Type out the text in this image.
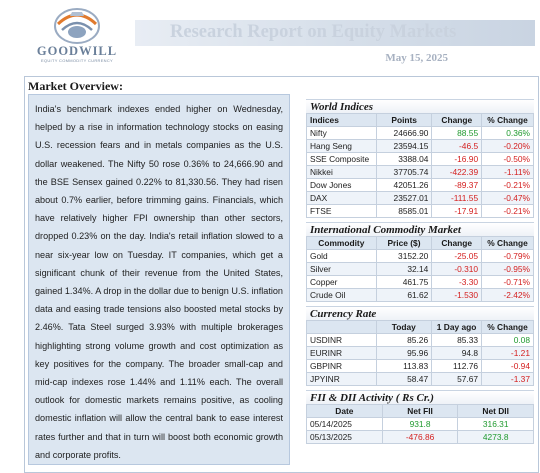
GOODWILL
EQUITY COMMODITY CURRENCY
Research Report on Equity Markets
May 15, 2025
Market Overview:

India's benchmark indexes ended higher on Wednesday, helped by a rise in information technology stocks on easing U.S. recession fears and in metals companies as the U.S. dollar weakened. The Nifty 50 rose 0.36% to 24,666.90 and the BSE Sensex gained 0.22% to 81,330.56. They had risen about 0.7% earlier, before trimming gains. Financials, which have relatively higher FPI ownership than other sectors, dropped 0.23% on the day. India's retail inflation slowed to a near six-year low on Tuesday. IT companies, which get a significant chunk of their revenue from the United States, gained 1.34%. A drop in the dollar due to benign U.S. inflation data and easing trade tensions also boosted metal stocks by 2.46%. Tata Steel surged 3.93% with multiple brokerages highlighting strong volume growth and cost optimization as key positives for the company. The broader small-cap and mid-cap indexes rose 1.44% and 1.11% each. The overall outlook for domestic markets remains positive, as cooling domestic inflation will allow the central bank to ease interest rates further and that in turn will boost both economic growth and corporate profits.

World Indices
Indices	Points	Change	% Change
Nifty	24666.90	88.55	0.36%
Hang Seng	23594.15	-46.5	-0.20%
SSE Composite	3388.04	-16.90	-0.50%
Nikkei	37705.74	-422.39	-1.11%
Dow Jones	42051.26	-89.37	-0.21%
DAX	23527.01	-111.55	-0.47%
FTSE	8585.01	-17.91	-0.21%
International Commodity Market
Commodity	Price ($)	Change	% Change
Gold	3152.20	-25.05	-0.79%
Silver	32.14	-0.310	-0.95%
Copper	461.75	-3.30	-0.71%
Crude Oil	61.62	-1.530	-2.42%
Currency Rate
	Today	1 Day ago	% Change
USDINR	85.26	85.33	0.08
EURINR	95.96	94.8	-1.21
GBPINR	113.83	112.76	-0.94
JPYINR	58.47	57.67	-1.37
FII & DII Activity ( Rs Cr.)
Date	Net FII	Net DII
05/14/2025	931.8	316.31
05/13/2025	-476.86	4273.8
